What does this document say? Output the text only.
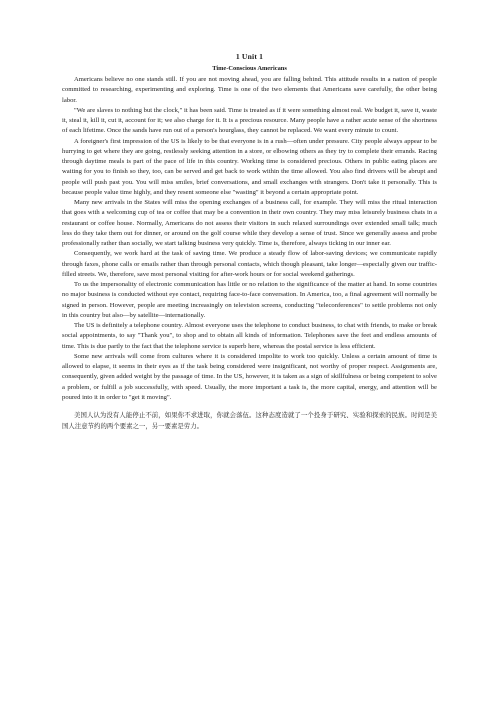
1 Unit 1
Time-Conscious Americans

Americans believe no one stands still. If you are not moving ahead, you are falling behind. This attitude results in a nation of people committed to researching, experimenting and exploring. Time is one of the two elements that Americans save carefully, the other being labor.

"We are slaves to nothing but the clock," it has been said. Time is treated as if it were something almost real. We budget it, save it, waste it, steal it, kill it, cut it, account for it; we also charge for it. It is a precious resource. Many people have a rather acute sense of the shortness of each lifetime. Once the sands have run out of a person's hourglass, they cannot be replaced. We want every minute to count.

A foreigner's first impression of the US is likely to be that everyone is in a rush—often under pressure. City people always appear to be hurrying to get where they are going, restlessly seeking attention in a store, or elbowing others as they try to complete their errands. Racing through daytime meals is part of the pace of life in this country. Working time is considered precious. Others in public eating places are waiting for you to finish so they, too, can be served and get back to work within the time allowed. You also find drivers will be abrupt and people will push past you. You will miss smiles, brief conversations, and small exchanges with strangers. Don't take it personally. This is because people value time highly, and they resent someone else "wasting" it beyond a certain appropriate point.

Many new arrivals in the States will miss the opening exchanges of a business call, for example. They will miss the ritual interaction that goes with a welcoming cup of tea or coffee that may be a convention in their own country. They may miss leisurely business chats in a restaurant or coffee house. Normally, Americans do not assess their visitors in such relaxed surroundings over extended small talk; much less do they take them out for dinner, or around on the golf course while they develop a sense of trust. Since we generally assess and probe professionally rather than socially, we start talking business very quickly. Time is, therefore, always ticking in our inner ear.

Consequently, we work hard at the task of saving time. We produce a steady flow of labor-saving devices; we communicate rapidly through faxes, phone calls or emails rather than through personal contacts, which though pleasant, take longer—especially given our traffic-filled streets. We, therefore, save most personal visiting for after-work hours or for social weekend gatherings.

To us the impersonality of electronic communication has little or no relation to the significance of the matter at hand. In some countries no major business is conducted without eye contact, requiring face-to-face conversation. In America, too, a final agreement will normally be signed in person. However, people are meeting increasingly on television screens, conducting "teleconferences" to settle problems not only in this country but also—by satellite—internationally.

The US is definitely a telephone country. Almost everyone uses the telephone to conduct business, to chat with friends, to make or break social appointments, to say "Thank you", to shop and to obtain all kinds of information. Telephones save the feet and endless amounts of time. This is due partly to the fact that the telephone service is superb here, whereas the postal service is less efficient.

Some new arrivals will come from cultures where it is considered impolite to work too quickly. Unless a certain amount of time is allowed to elapse, it seems in their eyes as if the task being considered were insignificant, not worthy of proper respect. Assignments are, consequently, given added weight by the passage of time. In the US, however, it is taken as a sign of skillfulness or being competent to solve a problem, or fulfill a job successfully, with speed. Usually, the more important a task is, the more capital, energy, and attention will be poured into it in order to "get it moving".

美国人认为没有人能停止不前，如果你不求进取，你就会落伍。这种态度造就了一个投身于研究、实验和探索的民族。时间是美国人注意节约的两个要素之一，另一要素是劳力。
